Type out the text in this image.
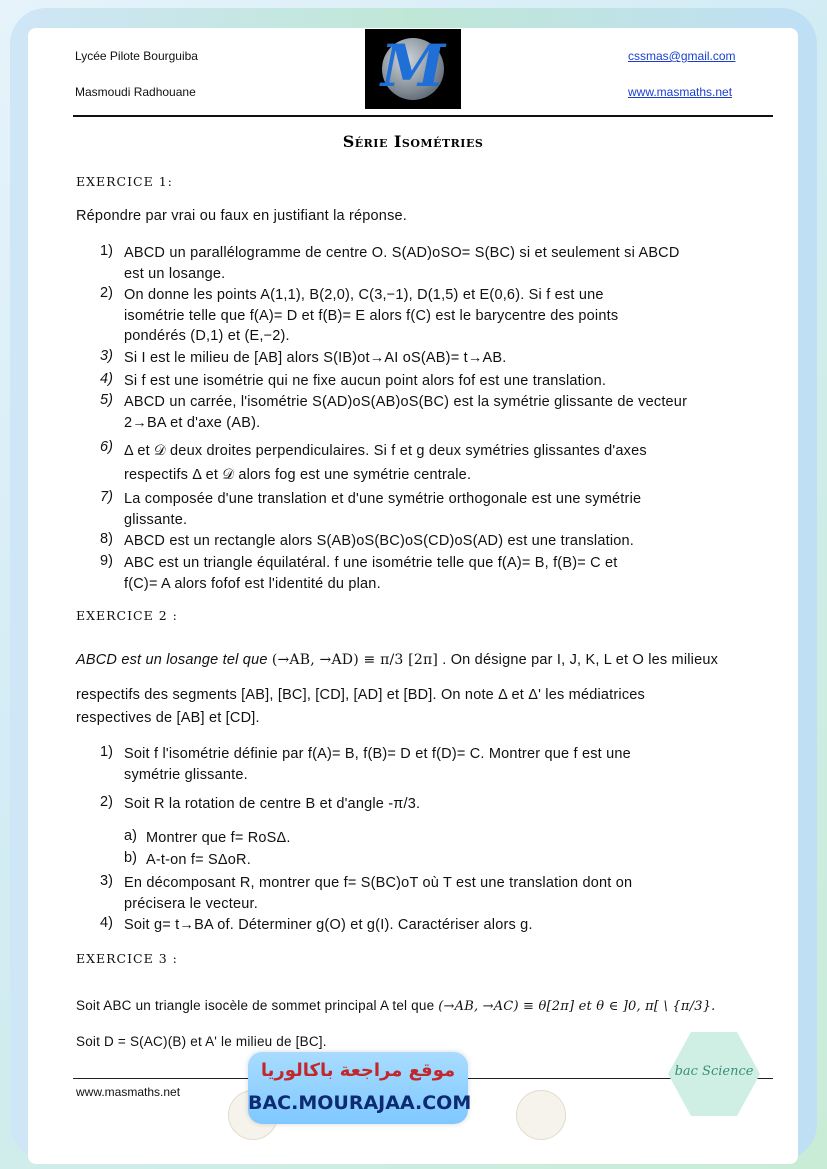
Lycée Pilote Bourguiba
Masmoudi Radhouane	M	cssmas@gmail.com
www.masmaths.net
Série Isométries
EXERCICE 1:
Répondre par vrai ou faux en justifiant la réponse.
1) ABCD un parallélogramme de centre O. S(AD)oSO= S(BC) si et seulement si ABCD
est un losange.
2) On donne les points A(1,1), B(2,0), C(3,−1), D(1,5) et E(0,6). Si f est une
isométrie telle que f(A)= D et f(B)= E alors f(C) est le barycentre des points
pondérés (D,1) et (E,−2).
3) Si I est le milieu de [AB] alors S(IB)ot→AI oS(AB)= t→AB.
4) Si f est une isométrie qui ne fixe aucun point alors fof est une translation.
5) ABCD un carrée, l'isométrie S(AD)oS(AB)oS(BC) est la symétrie glissante de vecteur
2→BA et d'axe (AB).
6) Δ et 𝒟 deux droites perpendiculaires. Si f et g deux symétries glissantes d'axes
respectifs Δ et 𝒟 alors fog est une symétrie centrale.
7) La composée d'une translation et d'une symétrie orthogonale est une symétrie
glissante.
8) ABCD est un rectangle alors S(AB)oS(BC)oS(CD)oS(AD) est une translation.
9) ABC est un triangle équilatéral. f une isométrie telle que f(A)= B, f(B)= C et
f(C)= A alors fofof est l'identité du plan.
EXERCICE 2 :
ABCD est un losange tel que (→AB, →AD) ≡ π/3 [2π] . On désigne par I, J, K, L et O les milieux
respectifs des segments [AB], [BC], [CD], [AD] et [BD]. On note Δ et Δ' les médiatrices
respectives de [AB] et [CD].
1) Soit f l'isométrie définie par f(A)= B, f(B)= D et f(D)= C. Montrer que f est une
symétrie glissante.
2) Soit R la rotation de centre B et d'angle -π/3.
a) Montrer que f= RoSΔ.
b) A-t-on f= SΔoR.
3) En décomposant R, montrer que f= S(BC)oT où T est une translation dont on
précisera le vecteur.
4) Soit g= t→BA of. Déterminer g(O) et g(I). Caractériser alors g.
EXERCICE 3 :
Soit ABC un triangle isocèle de sommet principal A tel que (→AB, →AC) ≡ θ[2π] et θ ∈ ]0, π[ \ {π/3}.
Soit D = S(AC)(B) et A' le milieu de [BC].
www.masmaths.net
موقع مراجعة باكالوريا
BAC.MOURAJAA.COM
bac Science
